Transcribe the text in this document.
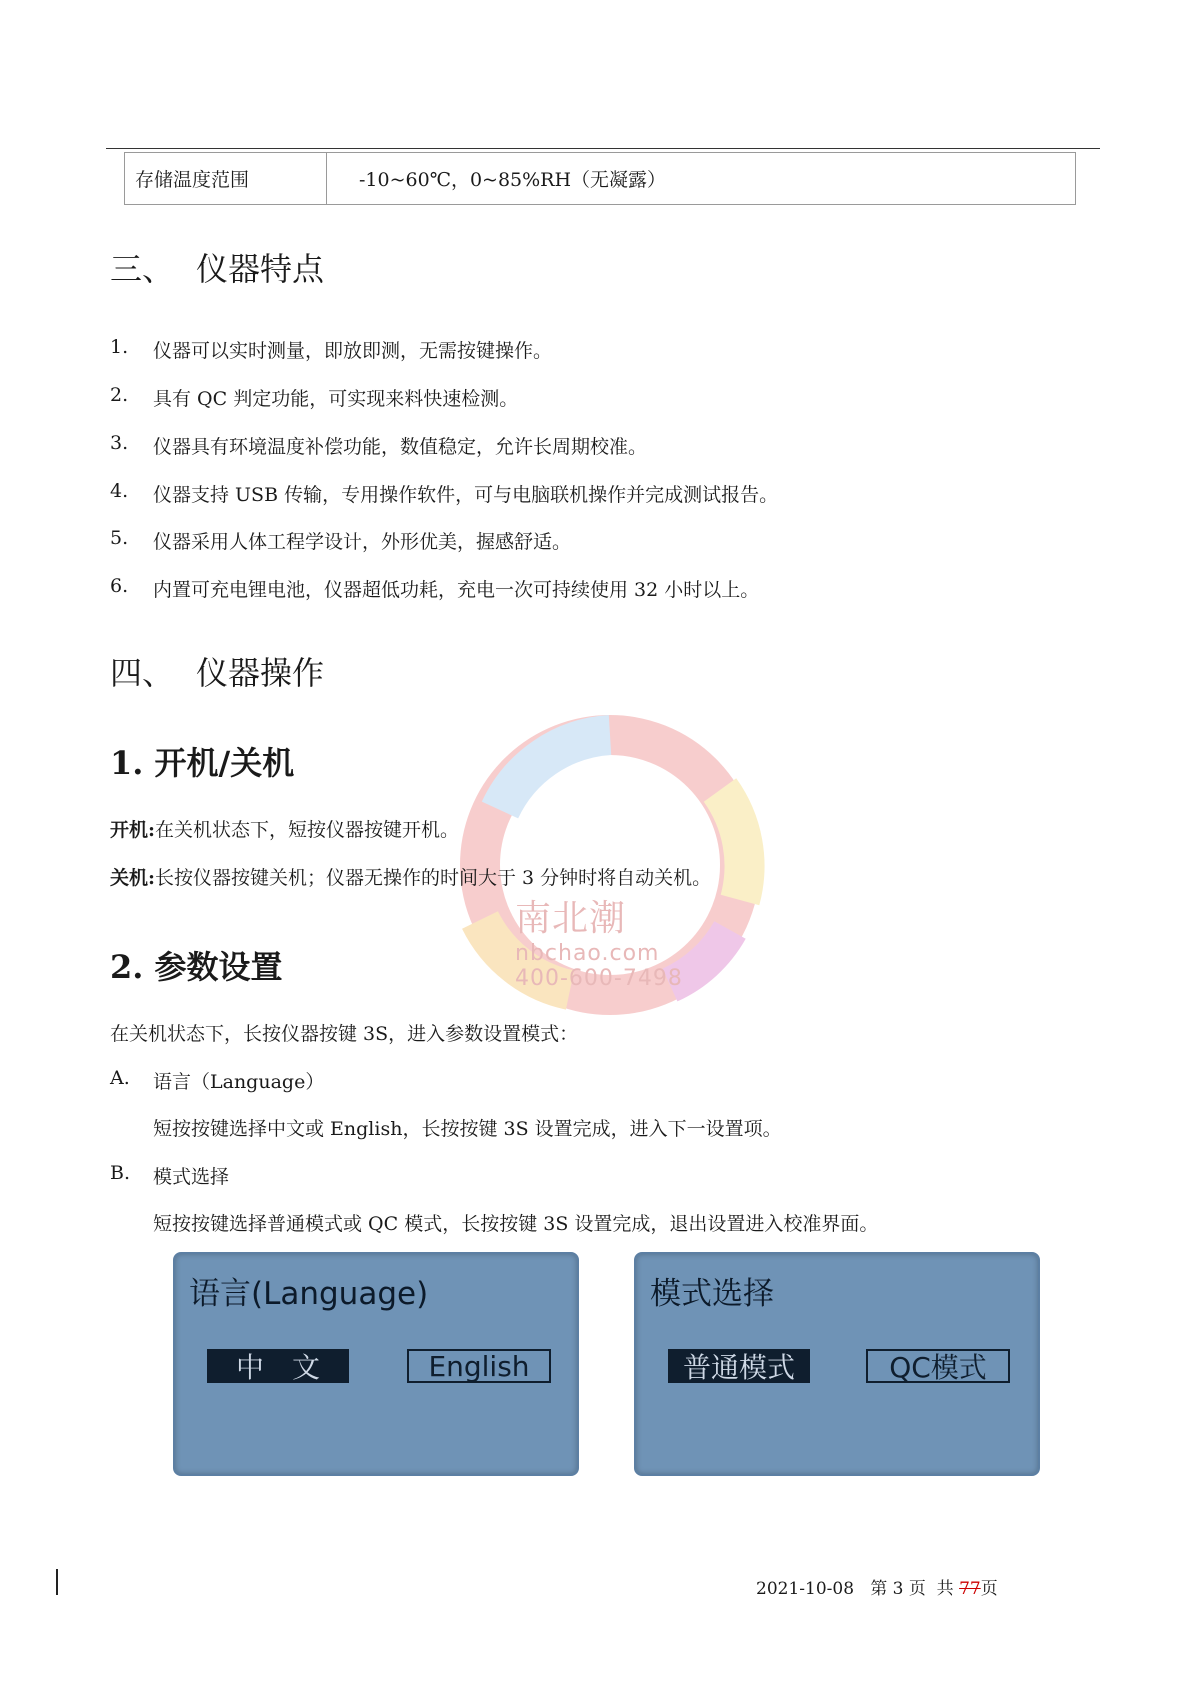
存储温度范围	-10~60℃，0~85%RH（无凝露）
三、 仪器特点
1.	仪器可以实时测量，即放即测，无需按键操作。
2.	具有 QC 判定功能，可实现来料快速检测。
3.	仪器具有环境温度补偿功能，数值稳定，允许长周期校准。
4.	仪器支持 USB 传输，专用操作软件，可与电脑联机操作并完成测试报告。
5.	仪器采用人体工程学设计，外形优美，握感舒适。
6.	内置可充电锂电池，仪器超低功耗，充电一次可持续使用 32 小时以上。
南北潮
nbchao.com
400-600-7498
四、 仪器操作
1. 开机/关机
开机:在关机状态下，短按仪器按键开机。
关机:长按仪器按键关机；仪器无操作的时间大于 3 分钟时将自动关机。
2. 参数设置
在关机状态下，长按仪器按键 3S，进入参数设置模式：
A.	语言（Language）
短按按键选择中文或 English，长按按键 3S 设置完成，进入下一设置项。
B.	模式选择
短按按键选择普通模式或 QC 模式，长按按键 3S 设置完成，退出设置进入校准界面。
语言(Language)
中　文	English
模式选择
普通模式	QC模式
2021-10-08 第 3 页 共 77页
